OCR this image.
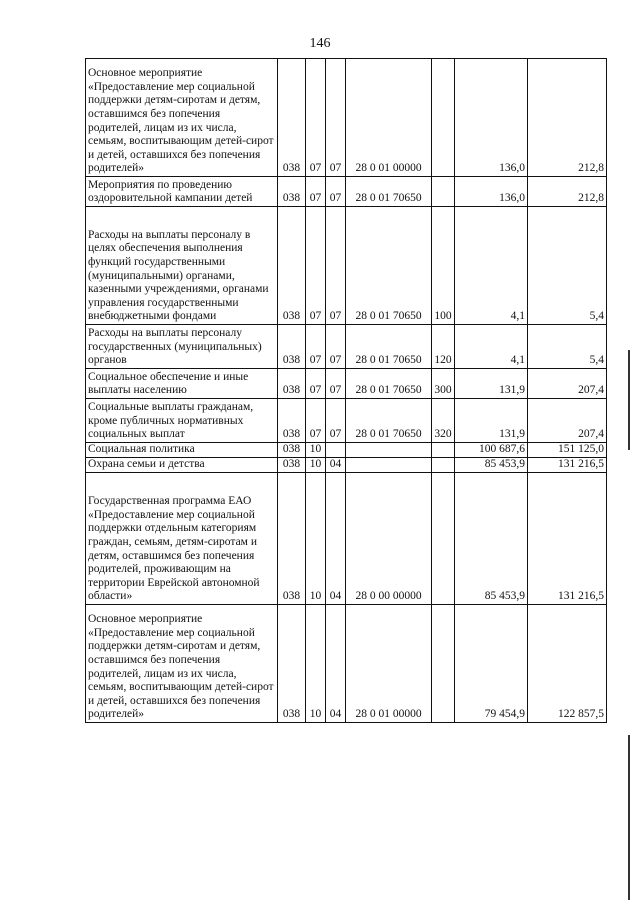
146
Основное мероприятие «Предоставление мер социальной поддержки детям-сиротам и детям, оставшимся без попечения родителей, лицам из их числа, семьям, воспитывающим детей-сирот и детей, оставшихся без попечения родителей»	038	07	07	28 0 01 00000		136,0	212,8
Мероприятия по проведению оздоровительной кампании детей	038	07	07	28 0 01 70650		136,0	212,8
Расходы на выплаты персоналу в целях обеспечения выполнения функций государственными (муниципальными) органами, казенными учреждениями, органами управления государственными внебюджетными фондами	038	07	07	28 0 01 70650	100	4,1	5,4
Расходы на выплаты персоналу государственных (муниципальных) органов	038	07	07	28 0 01 70650	120	4,1	5,4
Социальное обеспечение и иные выплаты населению	038	07	07	28 0 01 70650	300	131,9	207,4
Социальные выплаты гражданам, кроме публичных нормативных социальных выплат	038	07	07	28 0 01 70650	320	131,9	207,4
Социальная политика	038	10				100 687,6	151 125,0
Охрана семьи и детства	038	10	04			85 453,9	131 216,5
Государственная программа ЕАО «Предоставление мер социальной поддержки отдельным категориям граждан, семьям, детям-сиротам и детям, оставшимся без попечения родителей, проживающим на территории Еврейской автономной области»	038	10	04	28 0 00 00000		85 453,9	131 216,5
Основное мероприятие «Предоставление мер социальной поддержки детям-сиротам и детям, оставшимся без попечения родителей, лицам из их числа, семьям, воспитывающим детей-сирот и детей, оставшихся без попечения родителей»	038	10	04	28 0 01 00000		79 454,9	122 857,5
